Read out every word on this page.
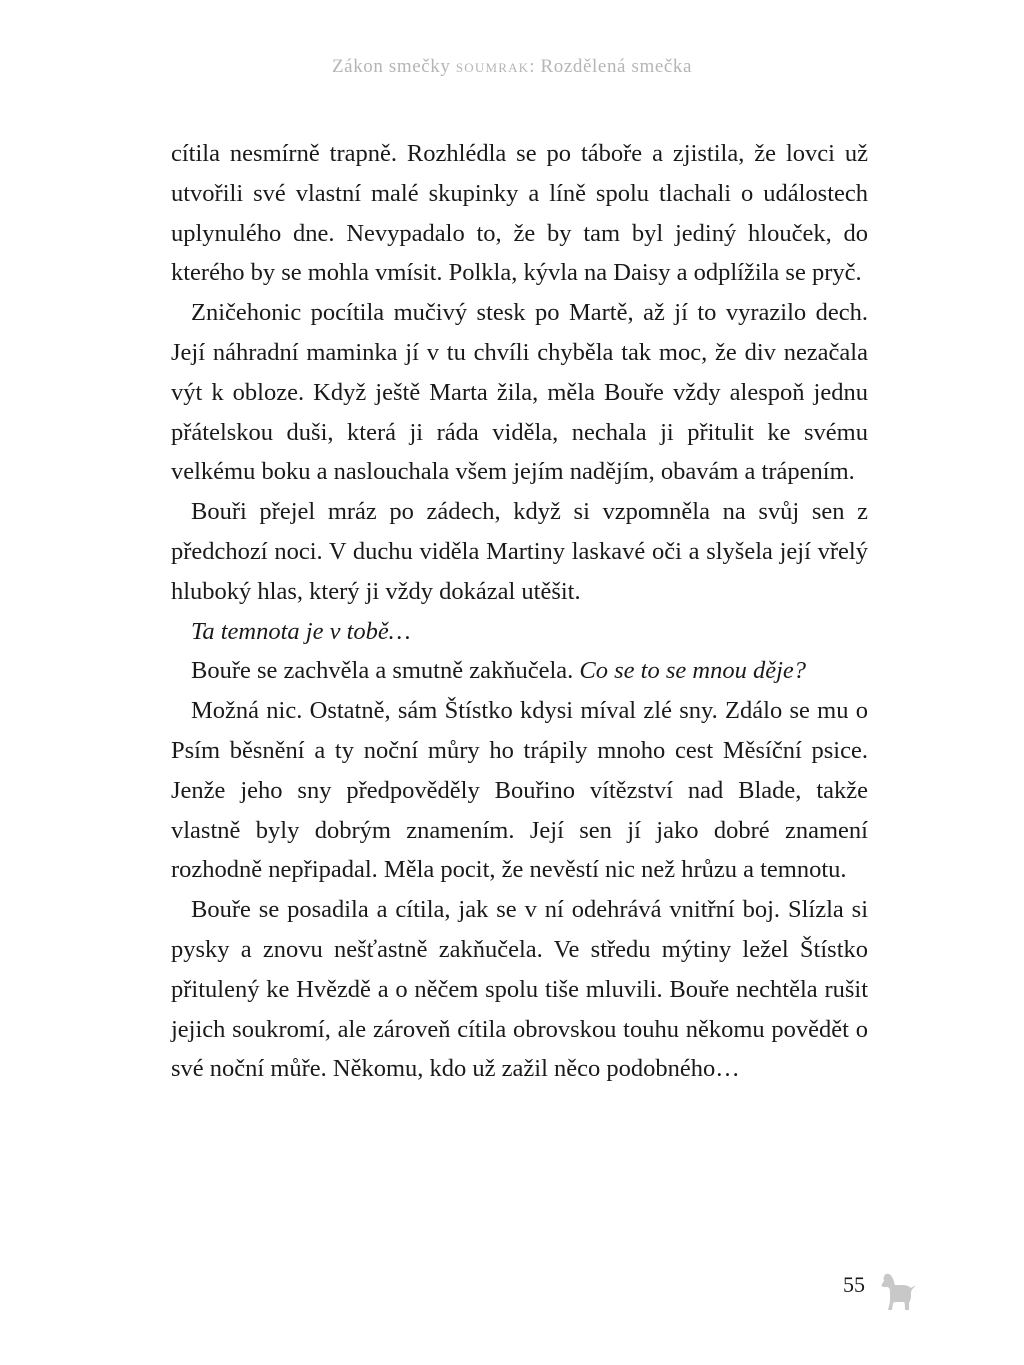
Zákon smečky soumrak: Rozdělená smečka

cítila nesmírně trapně. Rozhlédla se po táboře a zjistila, že lovci už utvořili své vlastní malé skupinky a líně spolu tlachali o událostech uplynulého dne. Nevypadalo to, že by tam byl jediný hlouček, do kterého by se mohla vmísit. Polkla, kývla na Daisy a odplížila se pryč.

Zničehonic pocítila mučivý stesk po Martě, až jí to vyrazilo dech. Její náhradní maminka jí v tu chvíli chyběla tak moc, že div nezačala výt k obloze. Když ještě Marta žila, měla Bouře vždy alespoň jednu přátelskou duši, která ji ráda viděla, nechala ji přitulit ke svému velkému boku a naslouchala všem jejím nadějím, obavám a trápením.

Bouři přejel mráz po zádech, když si vzpomněla na svůj sen z předchozí noci. V duchu viděla Martiny laskavé oči a slyšela její vřelý hluboký hlas, který ji vždy dokázal utěšit.

Ta temnota je v tobě…

Bouře se zachvěla a smutně zakňučela. Co se to se mnou děje?

Možná nic. Ostatně, sám Štístko kdysi míval zlé sny. Zdálo se mu o Psím běsnění a ty noční můry ho trápily mnoho cest Měsíční psice. Jenže jeho sny předpověděly Bouřino vítězství nad Blade, takže vlastně byly dobrým znamením. Její sen jí jako dobré znamení rozhodně nepřipadal. Měla pocit, že nevěstí nic než hrůzu a temnotu.

Bouře se posadila a cítila, jak se v ní odehrává vnitřní boj. Slízla si pysky a znovu nešťastně zakňučela. Ve středu mýtiny ležel Štístko přitulený ke Hvězdě a o něčem spolu tiše mluvili. Bouře nechtěla rušit jejich soukromí, ale zároveň cítila obrovskou touhu někomu povědět o své noční můře. Někomu, kdo už zažil něco podobného…

55
